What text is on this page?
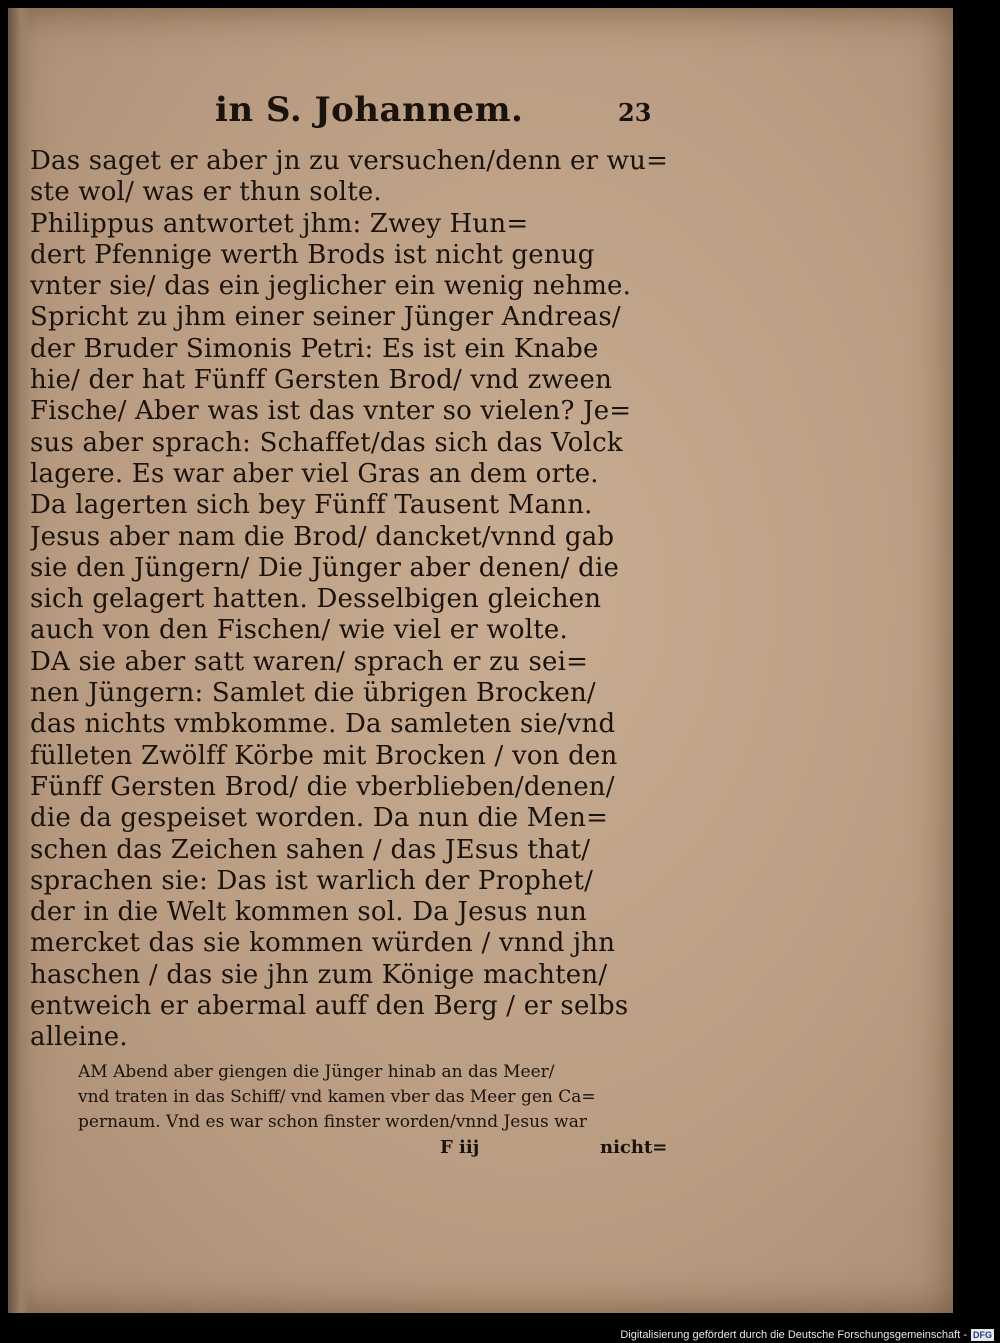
in S. Johannem.	23
Das saget er aber jn zu versuchen/denn er wu=
ste wol/ was er thun solte.
Philippus antwortet jhm: Zwey Hun=
dert Pfennige werth Brods ist nicht genug
vnter sie/ das ein jeglicher ein wenig nehme.
Spricht zu jhm einer seiner Jünger Andreas/
der Bruder Simonis Petri: Es ist ein Knabe
hie/ der hat Fünff Gersten Brod/ vnd zween
Fische/ Aber was ist das vnter so vielen? Je=
sus aber sprach: Schaffet/das sich das Volck
lagere. Es war aber viel Gras an dem orte.
Da lagerten sich bey Fünff Tausent Mann.
Jesus aber nam die Brod/ dancket/vnnd gab
sie den Jüngern/ Die Jünger aber denen/ die
sich gelagert hatten. Desselbigen gleichen
auch von den Fischen/ wie viel er wolte.
DA sie aber satt waren/ sprach er zu sei=
nen Jüngern: Samlet die übrigen Brocken/
das nichts vmbkomme. Da samleten sie/vnd
fülleten Zwölff Körbe mit Brocken / von den
Fünff Gersten Brod/ die vberblieben/denen/
die da gespeiset worden. Da nun die Men=
schen das Zeichen sahen / das JEsus that/
sprachen sie: Das ist warlich der Prophet/
der in die Welt kommen sol. Da Jesus nun
mercket das sie kommen würden / vnnd jhn
haschen / das sie jhn zum Könige machten/
entweich er abermal auff den Berg / er selbs
alleine.
AM Abend aber giengen die Jünger hinab an das Meer/
vnd traten in das Schiff/ vnd kamen vber das Meer gen Ca=
pernaum. Vnd es war schon finster worden/vnnd Jesus war
F iij	nicht=
Digitalisierung gefördert durch die Deutsche Forschungsgemeinschaft - DFG
